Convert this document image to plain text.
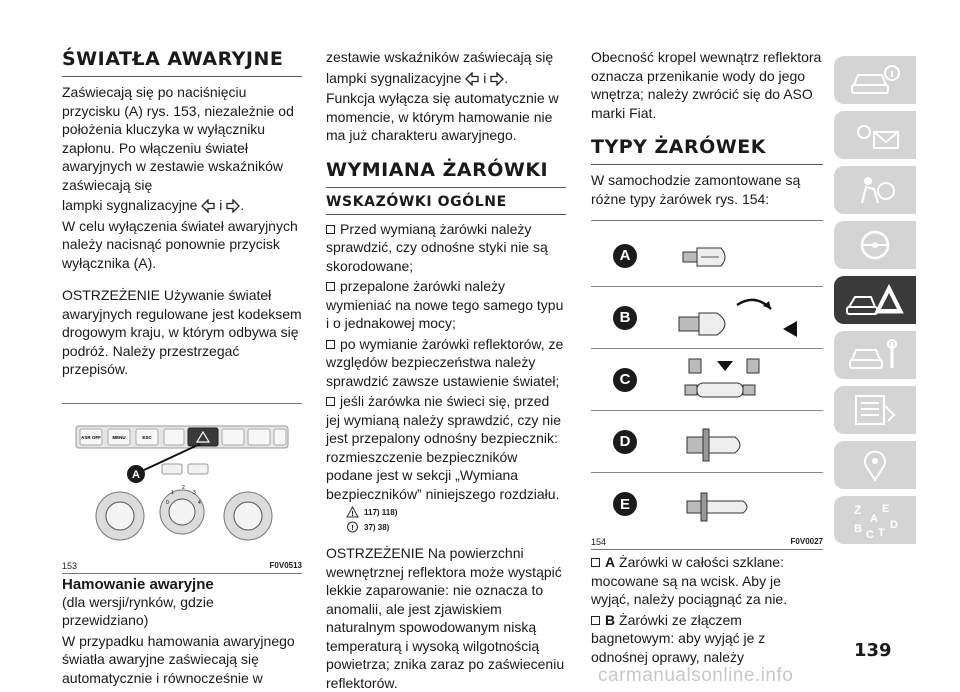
ŚWIATŁA AWARYJNE
Zaświecają się po naciśnięciu przycisku (A) rys. 153, niezależnie od położenia kluczyka w wyłączniku zapłonu. Po włączeniu świateł awaryjnych w zestawie wskaźników zaświecają się
lampki sygnalizacyjne i .
W celu wyłączenia świateł awaryjnych należy nacisnąć ponownie przycisk wyłącznika (A).
OSTRZEŻENIE Używanie świateł awaryjnych regulowane jest kodeksem drogowym kraju, w którym odbywa się podróż. Należy przestrzegać przepisów.
ASR OFF	MENU	ESC
A
0
1
2
3
4
153	F0V0513
Hamowanie awaryjne
(dla wersji/rynków, gdzie przewidziano)
W przypadku hamowania awaryjnego światła awaryjne zaświecają się automatycznie i równocześnie w
zestawie wskaźników zaświecają się
lampki sygnalizacyjne i .
Funkcja wyłącza się automatycznie w momencie, w którym hamowanie nie ma już charakteru awaryjnego.
WYMIANA ŻARÓWKI
WSKAZÓWKI OGÓLNE
Przed wymianą żarówki należy sprawdzić, czy odnośne styki nie są skorodowane;
przepalone żarówki należy wymieniać na nowe tego samego typu i o jednakowej mocy;
po wymianie żarówki reflektorów, ze względów bezpieczeństwa należy sprawdzić zawsze ustawienie świateł;
jeśli żarówka nie świeci się, przed jej wymianą należy sprawdzić, czy nie jest przepalony odnośny bezpiecznik: rozmieszczenie bezpieczników podane jest w sekcji „Wymiana bezpieczników” niniejszego rozdziału.
! 117) 118)
! 37) 38)
OSTRZEŻENIE Na powierzchni wewnętrznej reflektora może wystąpić lekkie zaparowanie: nie oznacza to anomalii, ale jest zjawiskiem naturalnym spowodowanym niską temperaturą i wysoką wilgotnością powietrza; znika zaraz po zaświeceniu reflektorów.
Obecność kropel wewnątrz reflektora oznacza przenikanie wody do jego wnętrza; należy zwrócić się do ASO marki Fiat.
TYPY ŻARÓWEK
W samochodzie zamontowane są różne typy żarówek rys. 154:
A
B
C
D
E
154	F0V0027
A Żarówki w całości szklane: mocowane są na wcisk. Aby je wyjąć, należy pociągnąć za nie.
B Żarówki ze złączem bagnetowym: aby wyjąć je z odnośnej oprawy, należy
Z E
A
B C T
D
139
carmanualsonline.info
